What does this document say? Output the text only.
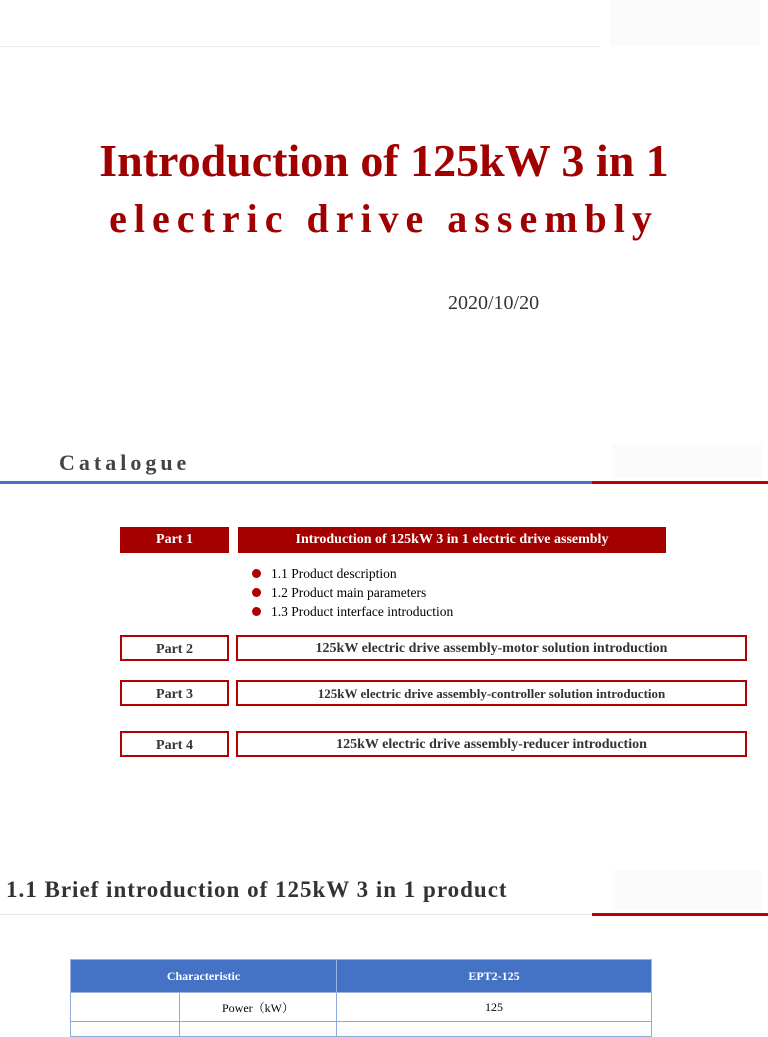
Introduction of 125kW 3 in 1
electric drive assembly
2020/10/20
Catalogue
Part 1	Introduction of 125kW 3 in 1 electric drive assembly
1.1 Product description
1.2 Product main parameters
1.3 Product interface introduction
Part 2	125kW electric drive assembly-motor solution introduction
Part 3	125kW electric drive assembly-controller solution introduction
Part 4	125kW electric drive assembly-reducer introduction
1.1 Brief introduction of 125kW 3 in 1 product
Characteristic		EPT2-125
	Power（kW）	125
